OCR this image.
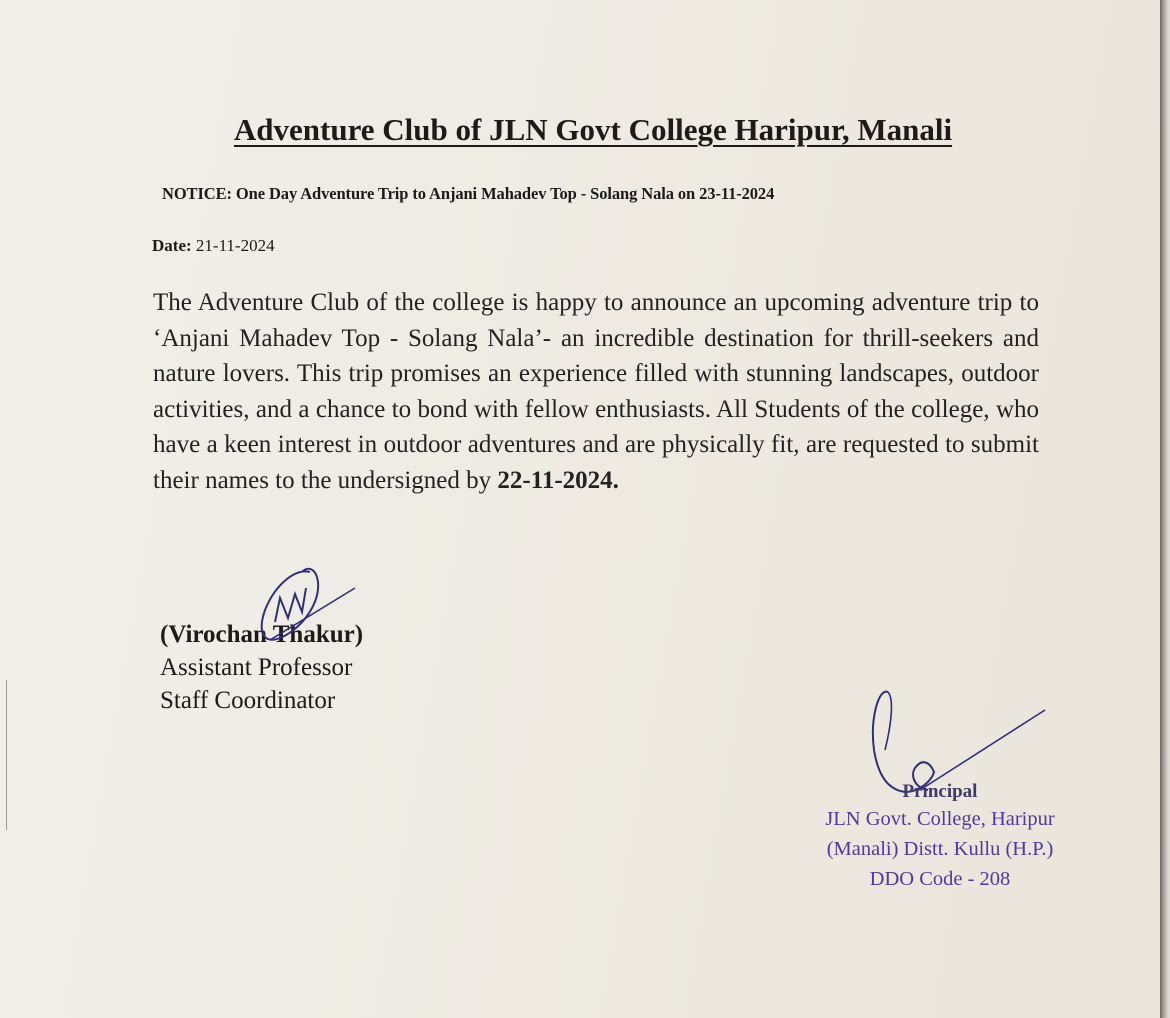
Adventure Club of JLN Govt College Haripur, Manali
NOTICE: One Day Adventure Trip to Anjani Mahadev Top - Solang Nala on 23-11-2024
Date: 21-11-2024
The Adventure Club of the college is happy to announce an upcoming adventure trip to ‘Anjani Mahadev Top - Solang Nala’- an incredible destination for thrill-seekers and nature lovers. This trip promises an experience filled with stunning landscapes, outdoor activities, and a chance to bond with fellow enthusiasts. All Students of the college, who have a keen interest in outdoor adventures and are physically fit, are requested to submit their names to the undersigned by 22-11-2024.
(Virochan Thakur)
Assistant Professor
Staff Coordinator
Principal
JLN Govt. College, Haripur
(Manali) Distt. Kullu (H.P.)
DDO Code - 208
